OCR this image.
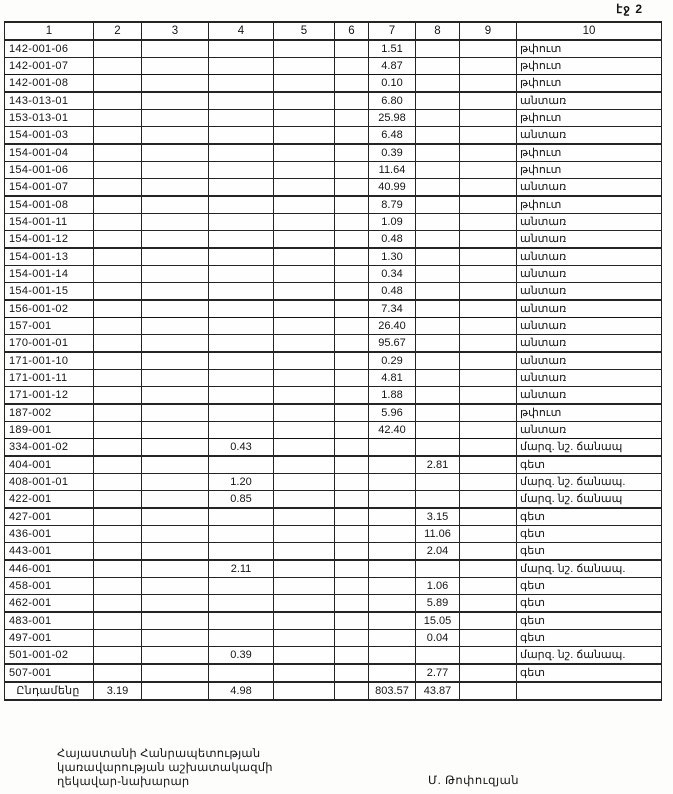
էջ 2
1	2	3	4	5	6	7	8	9	10
142-001-06						1.51			թփուտ
142-001-07						4.87			թփուտ
142-001-08						0.10			թփուտ
143-013-01						6.80			անտառ
153-013-01						25.98			թփուտ
154-001-03						6.48			անտառ
154-001-04						0.39			թփուտ
154-001-06						11.64			թփուտ
154-001-07						40.99			անտառ
154-001-08						8.79			թփուտ
154-001-11						1.09			անտառ
154-001-12						0.48			անտառ
154-001-13						1.30			անտառ
154-001-14						0.34			անտառ
154-001-15						0.48			անտառ
156-001-02						7.34			անտառ
157-001						26.40			անտառ
170-001-01						95.67			անտառ
171-001-10						0.29			անտառ
171-001-11						4.81			անտառ
171-001-12						1.88			անտառ
187-002						5.96			թփուտ
189-001						42.40			անտառ
334-001-02			0.43						մարզ. նշ. ճանապ
404-001							2.81		գետ
408-001-01			1.20						մարզ. նշ. ճանապ.
422-001			0.85						մարզ. նշ. ճանապ
427-001							3.15		գետ
436-001							11.06		գետ
443-001							2.04		գետ
446-001			2.11						մարզ. նշ. ճանապ.
458-001							1.06		գետ
462-001							5.89		գետ
483-001							15.05		գետ
497-001							0.04		գետ
501-001-02			0.39						մարզ. նշ. ճանապ.
507-001							2.77		գետ
Ընդամենը	3.19		4.98			803.57	43.87		
Հայաստանի Հանրապետության
կառավարության աշխատակազմի
ղեկավար-նախարար	Մ. Թոփուզյան
